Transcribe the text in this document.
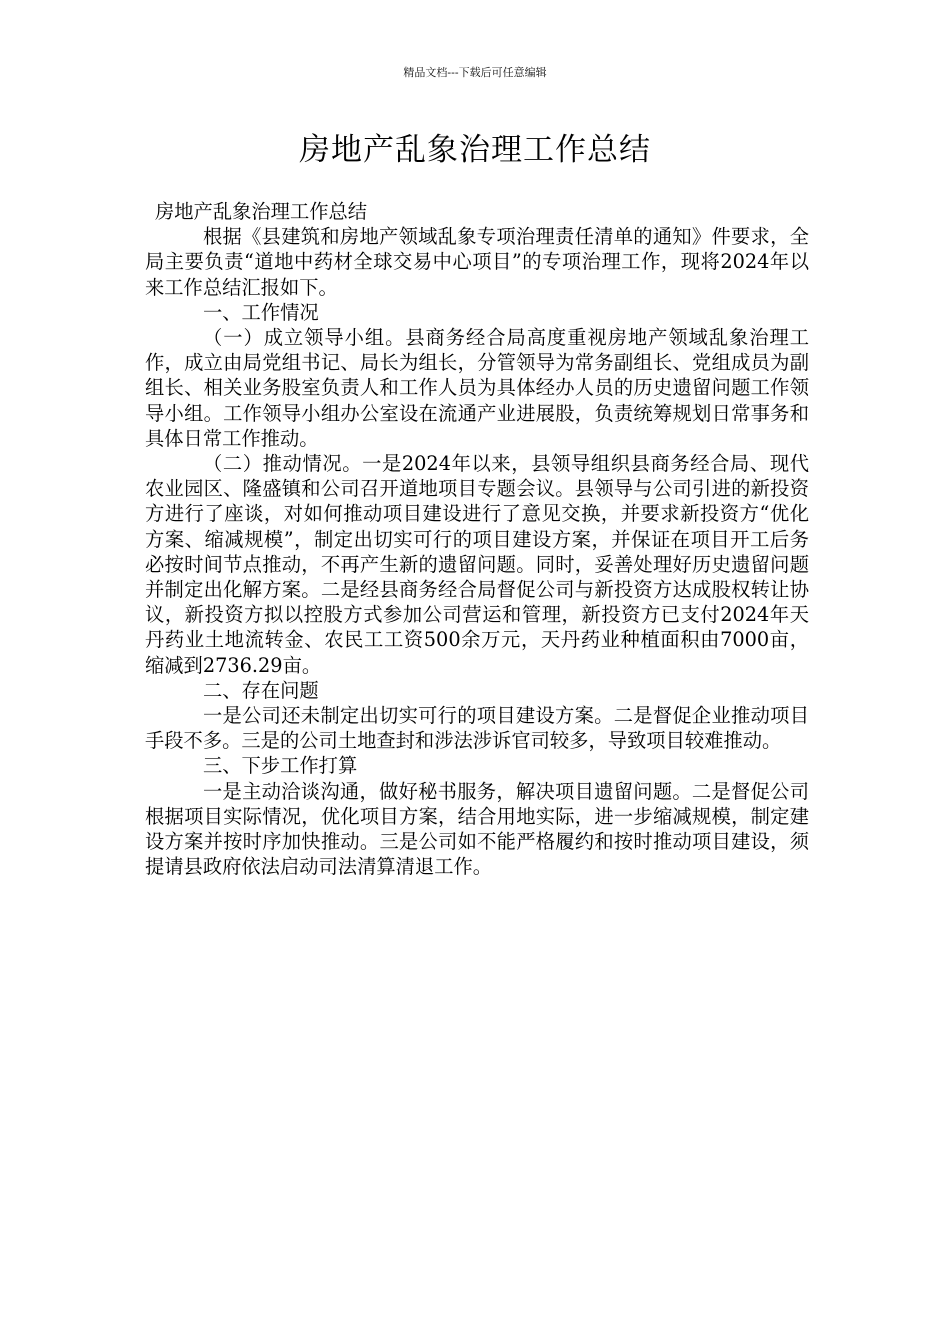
精品文档---下载后可任意编辑
房地产乱象治理工作总结

房地产乱象治理工作总结

根据《县建筑和房地产领域乱象专项治理责任清单的通知》件要求，全局主要负责“道地中药材全球交易中心项目”的专项治理工作，现将2024年以来工作总结汇报如下。

一、工作情况

（一）成立领导小组。县商务经合局高度重视房地产领域乱象治理工作，成立由局党组书记、局长为组长，分管领导为常务副组长、党组成员为副组长、相关业务股室负责人和工作人员为具体经办人员的历史遗留问题工作领导小组。工作领导小组办公室设在流通产业进展股，负责统筹规划日常事务和具体日常工作推动。

（二）推动情况。一是2024年以来，县领导组织县商务经合局、现代农业园区、隆盛镇和公司召开道地项目专题会议。县领导与公司引进的新投资方进行了座谈，对如何推动项目建设进行了意见交换，并要求新投资方“优化方案、缩减规模”，制定出切实可行的项目建设方案，并保证在项目开工后务必按时间节点推动，不再产生新的遗留问题。同时，妥善处理好历史遗留问题并制定出化解方案。二是经县商务经合局督促公司与新投资方达成股权转让协议，新投资方拟以控股方式参加公司营运和管理，新投资方已支付2024年天丹药业土地流转金、农民工工资500余万元，天丹药业种植面积由7000亩，缩减到2736.29亩。

二、存在问题

一是公司还未制定出切实可行的项目建设方案。二是督促企业推动项目手段不多。三是的公司土地查封和涉法涉诉官司较多，导致项目较难推动。

三、下步工作打算

一是主动洽谈沟通，做好秘书服务，解决项目遗留问题。二是督促公司根据项目实际情况，优化项目方案，结合用地实际，进一步缩减规模，制定建设方案并按时序加快推动。三是公司如不能严格履约和按时推动项目建设，须提请县政府依法启动司法清算清退工作。
